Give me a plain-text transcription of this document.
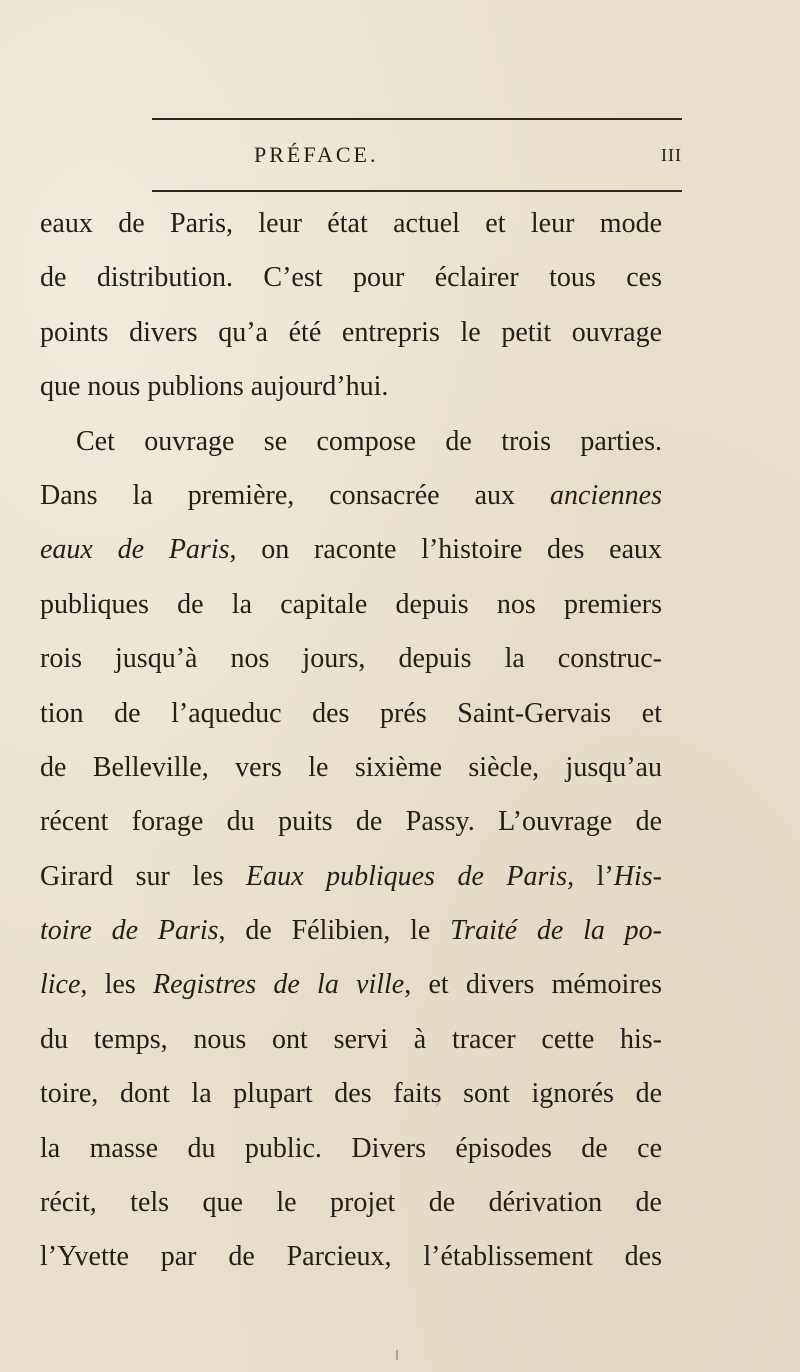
PRÉFACE.	III
eaux de Paris, leur état actuel et leur mode
de distribution. C’est pour éclairer tous ces
points divers qu’a été entrepris le petit ouvrage
que nous publions aujourd’hui.
Cet ouvrage se compose de trois parties.
Dans la première, consacrée aux anciennes
eaux de Paris, on raconte l’histoire des eaux
publiques de la capitale depuis nos premiers
rois jusqu’à nos jours, depuis la construc-
tion de l’aqueduc des prés Saint-Gervais et
de Belleville, vers le sixième siècle, jusqu’au
récent forage du puits de Passy. L’ouvrage de
Girard sur les Eaux publiques de Paris, l’His-
toire de Paris, de Félibien, le Traité de la po-
lice, les Registres de la ville, et divers mémoires
du temps, nous ont servi à tracer cette his-
toire, dont la plupart des faits sont ignorés de
la masse du public. Divers épisodes de ce
récit, tels que le projet de dérivation de
l’Yvette par de Parcieux, l’établissement des
